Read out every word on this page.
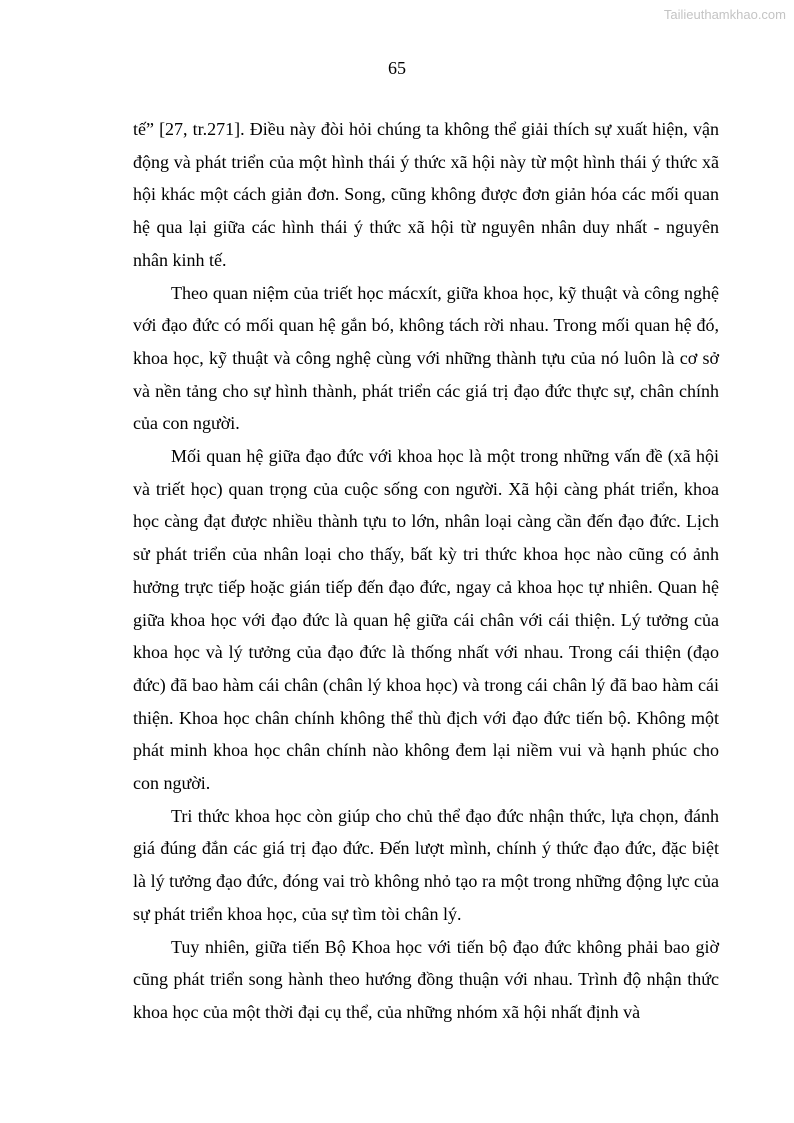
Tailieuthamkhao.com
65

tế” [27, tr.271]. Điều này đòi hỏi chúng ta không thể giải thích sự xuất hiện, vận động và phát triển của một hình thái ý thức xã hội này từ một hình thái ý thức xã hội khác một cách giản đơn. Song, cũng không được đơn giản hóa các mối quan hệ qua lại giữa các hình thái ý thức xã hội từ nguyên nhân duy nhất - nguyên nhân kinh tế.

Theo quan niệm của triết học mácxít, giữa khoa học, kỹ thuật và công nghệ với đạo đức có mối quan hệ gắn bó, không tách rời nhau. Trong mối quan hệ đó, khoa học, kỹ thuật và công nghệ cùng với những thành tựu của nó luôn là cơ sở và nền tảng cho sự hình thành, phát triển các giá trị đạo đức thực sự, chân chính của con người.

Mối quan hệ giữa đạo đức với khoa học là một trong những vấn đề (xã hội và triết học) quan trọng của cuộc sống con người. Xã hội càng phát triển, khoa học càng đạt được nhiều thành tựu to lớn, nhân loại càng cần đến đạo đức. Lịch sử phát triển của nhân loại cho thấy, bất kỳ tri thức khoa học nào cũng có ảnh hưởng trực tiếp hoặc gián tiếp đến đạo đức, ngay cả khoa học tự nhiên. Quan hệ giữa khoa học với đạo đức là quan hệ giữa cái chân với cái thiện. Lý tưởng của khoa học và lý tưởng của đạo đức là thống nhất với nhau. Trong cái thiện (đạo đức) đã bao hàm cái chân (chân lý khoa học) và trong cái chân lý đã bao hàm cái thiện. Khoa học chân chính không thể thù địch với đạo đức tiến bộ. Không một phát minh khoa học chân chính nào không đem lại niềm vui và hạnh phúc cho con người.

Tri thức khoa học còn giúp cho chủ thể đạo đức nhận thức, lựa chọn, đánh giá đúng đắn các giá trị đạo đức. Đến lượt mình, chính ý thức đạo đức, đặc biệt là lý tưởng đạo đức, đóng vai trò không nhỏ tạo ra một trong những động lực của sự phát triển khoa học, của sự tìm tòi chân lý.

Tuy nhiên, giữa tiến Bộ Khoa học với tiến bộ đạo đức không phải bao giờ cũng phát triển song hành theo hướng đồng thuận với nhau. Trình độ nhận thức khoa học của một thời đại cụ thể, của những nhóm xã hội nhất định và
